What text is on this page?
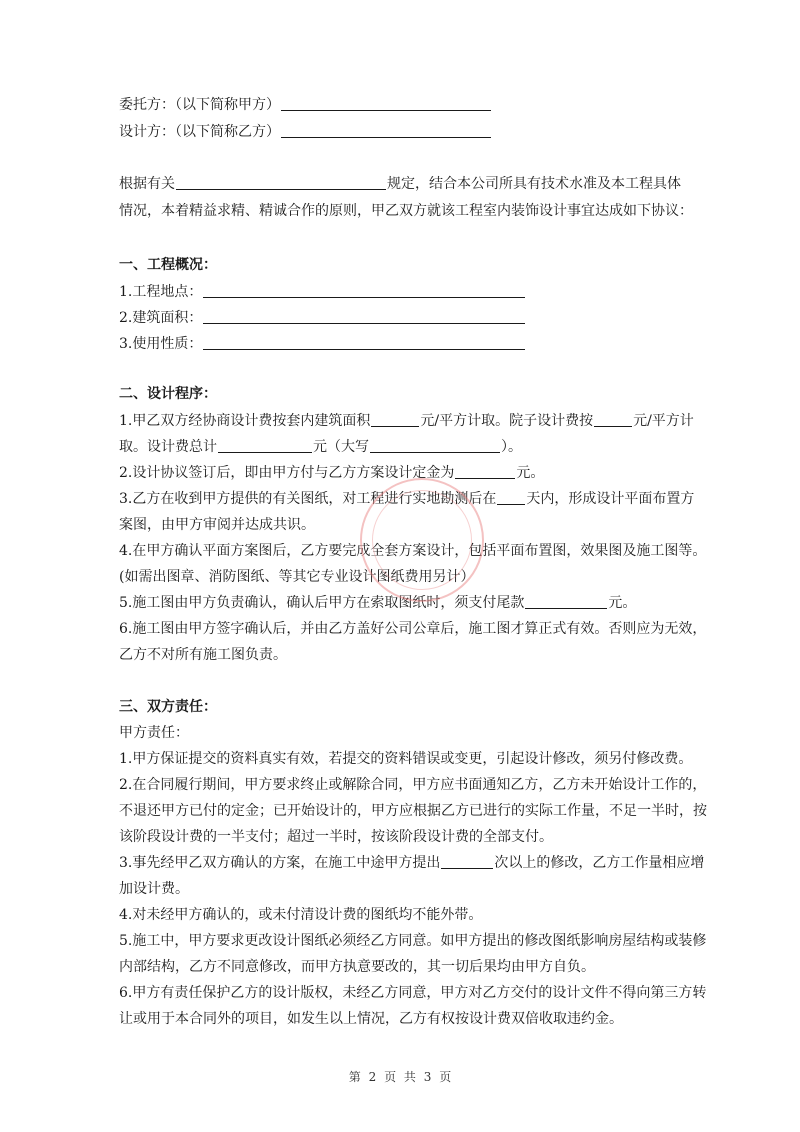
委托方：（以下简称甲方）
设计方：（以下简称乙方）
根据有关	规定，结合本公司所具有技术水准及本工程具体
情况，本着精益求精、精诚合作的原则，甲乙双方就该工程室内装饰设计事宜达成如下协议：
一、工程概况：
1.工程地点：
2.建筑面积：
3.使用性质：
二、设计程序：
1.甲乙双方经协商设计费按套内建筑面积	元/平方计取。院子设计费按	元/平方计
取。设计费总计	元（大写	）。
2.设计协议签订后，即由甲方付与乙方方案设计定金为	元。
3.乙方在收到甲方提供的有关图纸，对工程进行实地勘测后在 天内，形成设计平面布置方
案图，由甲方审阅并达成共识。
4.在甲方确认平面方案图后，乙方要完成全套方案设计，包括平面布置图，效果图及施工图等。
(如需出图章、消防图纸、等其它专业设计图纸费用另计）
5.施工图由甲方负责确认，确认后甲方在索取图纸时，须支付尾款	元。
6.施工图由甲方签字确认后，并由乙方盖好公司公章后，施工图才算正式有效。否则应为无效，
乙方不对所有施工图负责。
三、双方责任：
甲方责任：
1.甲方保证提交的资料真实有效，若提交的资料错误或变更，引起设计修改，须另付修改费。
2.在合同履行期间，甲方要求终止或解除合同，甲方应书面通知乙方，乙方未开始设计工作的，
不退还甲方已付的定金；已开始设计的，甲方应根据乙方已进行的实际工作量，不足一半时，按
该阶段设计费的一半支付；超过一半时，按该阶段设计费的全部支付。
3.事先经甲乙双方确认的方案，在施工中途甲方提出	次以上的修改，乙方工作量相应增
加设计费。
4.对未经甲方确认的，或未付清设计费的图纸均不能外带。
5.施工中，甲方要求更改设计图纸必须经乙方同意。如甲方提出的修改图纸影响房屋结构或装修
内部结构，乙方不同意修改，而甲方执意要改的，其一切后果均由甲方自负。
6.甲方有责任保护乙方的设计版权，未经乙方同意，甲方对乙方交付的设计文件不得向第三方转
让或用于本合同外的项目，如发生以上情况，乙方有权按设计费双倍收取违约金。
第 2 页 共 3 页
